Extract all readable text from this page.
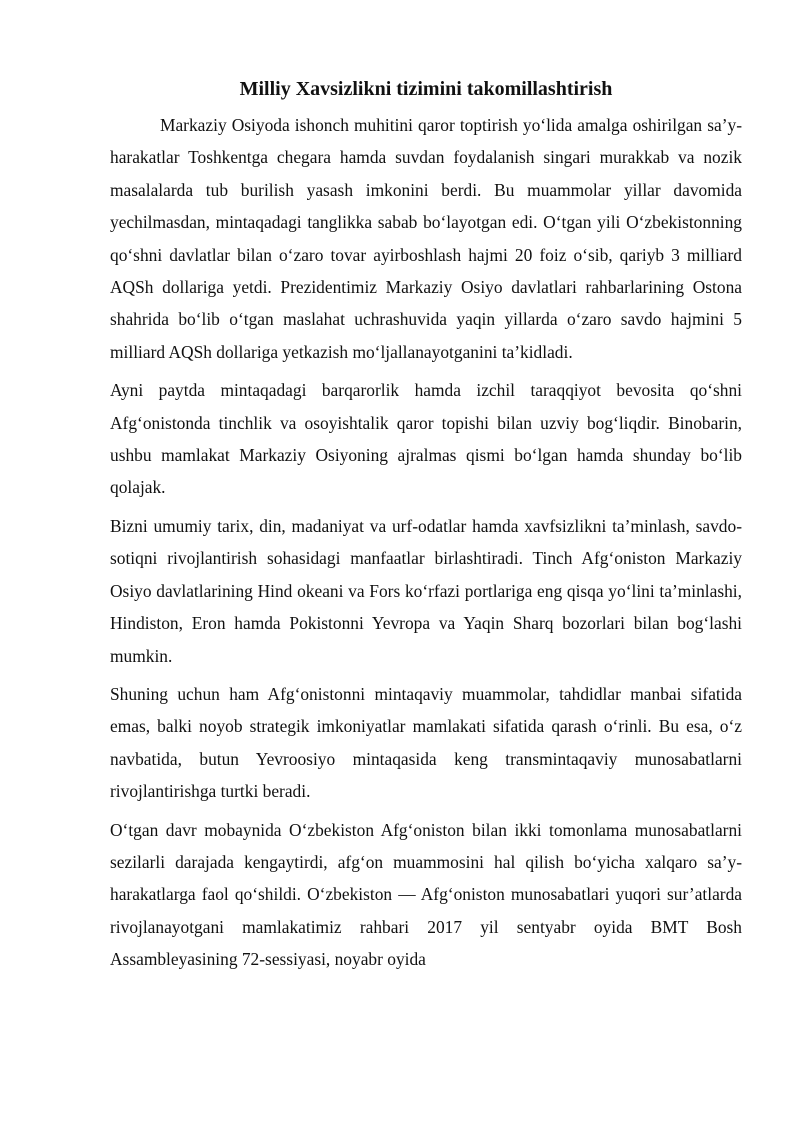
Milliy Xavsizlikni tizimini takomillashtirish

Markaziy Osiyoda ishonch muhitini qaror toptirish yo‘lida amalga oshirilgan sa’y-harakatlar Toshkentga chegara hamda suvdan foydalanish singari murakkab va nozik masalalarda tub burilish yasash imkonini berdi. Bu muammolar yillar davomida yechilmasdan, mintaqadagi tanglikka sabab bo‘layotgan edi. O‘tgan yili O‘zbekistonning qo‘shni davlatlar bilan o‘zaro tovar ayirboshlash hajmi 20 foiz o‘sib, qariyb 3 milliard AQSh dollariga yetdi. Prezidentimiz Markaziy Osiyo davlatlari rahbarlarining Ostona shahrida bo‘lib o‘tgan maslahat uchrashuvida yaqin yillarda o‘zaro savdo hajmini 5 milliard AQSh dollariga yetkazish mo‘ljallanayotganini ta’kidladi.

Ayni paytda mintaqadagi barqarorlik hamda izchil taraqqiyot bevosita qo‘shni Afg‘onistonda tinchlik va osoyishtalik qaror topishi bilan uzviy bog‘liqdir. Binobarin, ushbu mamlakat Markaziy Osiyoning ajralmas qismi bo‘lgan hamda shunday bo‘lib qolajak.

Bizni umumiy tarix, din, madaniyat va urf-odatlar hamda xavfsizlikni ta’minlash, savdo-sotiqni rivojlantirish sohasidagi manfaatlar birlashtiradi. Tinch Afg‘oniston Markaziy Osiyo davlatlarining Hind okeani va Fors ko‘rfazi portlariga eng qisqa yo‘lini ta’minlashi, Hindiston, Eron hamda Pokistonni Yevropa va Yaqin Sharq bozorlari bilan bog‘lashi mumkin.

Shuning uchun ham Afg‘onistonni mintaqaviy muammolar, tahdidlar manbai sifatida emas, balki noyob strategik imkoniyatlar mamlakati sifatida qarash o‘rinli. Bu esa, o‘z navbatida, butun Yevroosiyo mintaqasida keng transmintaqaviy munosabatlarni rivojlantirishga turtki beradi.

O‘tgan davr mobaynida O‘zbekiston Afg‘oniston bilan ikki tomonlama munosabatlarni sezilarli darajada kengaytirdi, afg‘on muammosini hal qilish bo‘yicha xalqaro sa’y-harakatlarga faol qo‘shildi. O‘zbekiston — Afg‘oniston munosabatlari yuqori sur’atlarda rivojlanayotgani mamlakatimiz rahbari 2017 yil sentyabr oyida BMT Bosh Assambleyasining 72-sessiyasi, noyabr oyida
